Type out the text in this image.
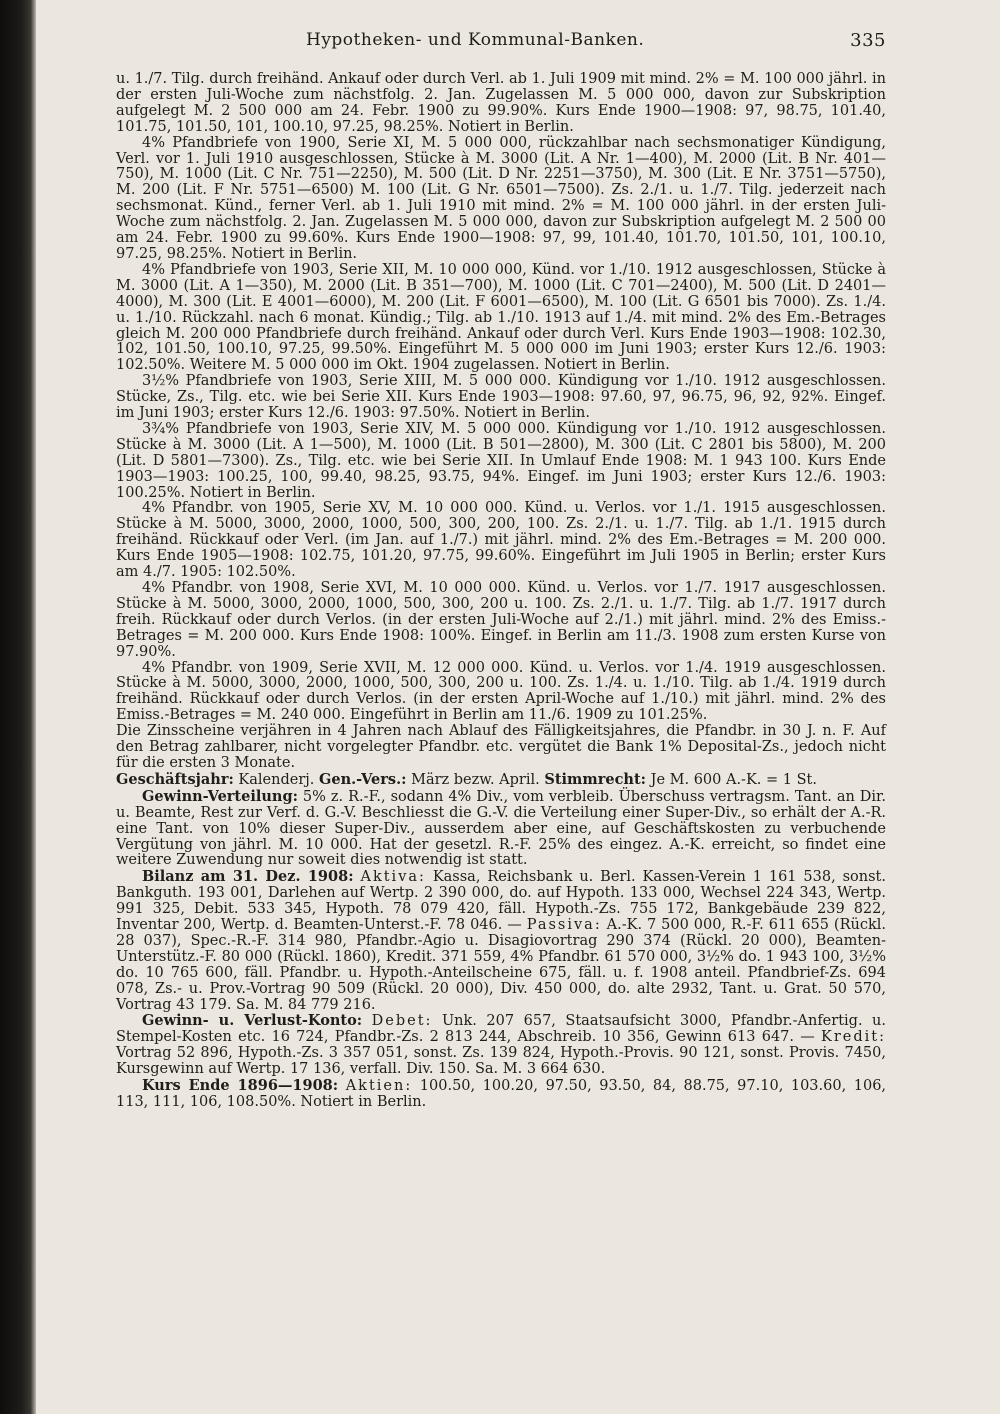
Hypotheken- und Kommunal-Banken.	335

u. 1./7. Tilg. durch freihänd. Ankauf oder durch Verl. ab 1. Juli 1909 mit mind. 2% = M. 100 000 jährl. in der ersten Juli-Woche zum nächstfolg. 2. Jan. Zugelassen M. 5 000 000, davon zur Subskription aufgelegt M. 2 500 000 am 24. Febr. 1900 zu 99.90%. Kurs Ende 1900—1908: 97, 98.75, 101.40, 101.75, 101.50, 101, 100.10, 97.25, 98.25%. Notiert in Berlin.

4% Pfandbriefe von 1900, Serie XI, M. 5 000 000, rückzahlbar nach sechsmonatiger Kündigung, Verl. vor 1. Juli 1910 ausgeschlossen, Stücke à M. 3000 (Lit. A Nr. 1—400), M. 2000 (Lit. B Nr. 401—750), M. 1000 (Lit. C Nr. 751—2250), M. 500 (Lit. D Nr. 2251—3750), M. 300 (Lit. E Nr. 3751—5750), M. 200 (Lit. F Nr. 5751—6500) M. 100 (Lit. G Nr. 6501—7500). Zs. 2./1. u. 1./7. Tilg. jederzeit nach sechsmonat. Künd., ferner Verl. ab 1. Juli 1910 mit mind. 2% = M. 100 000 jährl. in der ersten Juli-Woche zum nächstfolg. 2. Jan. Zugelassen M. 5 000 000, davon zur Subskription aufgelegt M. 2 500 00 am 24. Febr. 1900 zu 99.60%. Kurs Ende 1900—1908: 97, 99, 101.40, 101.70, 101.50, 101, 100.10, 97.25, 98.25%. Notiert in Berlin.

4% Pfandbriefe von 1903, Serie XII, M. 10 000 000, Künd. vor 1./10. 1912 ausgeschlossen, Stücke à M. 3000 (Lit. A 1—350), M. 2000 (Lit. B 351—700), M. 1000 (Lit. C 701—2400), M. 500 (Lit. D 2401—4000), M. 300 (Lit. E 4001—6000), M. 200 (Lit. F 6001—6500), M. 100 (Lit. G 6501 bis 7000). Zs. 1./4. u. 1./10. Rückzahl. nach 6 monat. Kündig.; Tilg. ab 1./10. 1913 auf 1./4. mit mind. 2% des Em.-Betrages gleich M. 200 000 Pfandbriefe durch freihänd. Ankauf oder durch Verl. Kurs Ende 1903—1908: 102.30, 102, 101.50, 100.10, 97.25, 99.50%. Eingeführt M. 5 000 000 im Juni 1903; erster Kurs 12./6. 1903: 102.50%. Weitere M. 5 000 000 im Okt. 1904 zugelassen. Notiert in Berlin.

3½% Pfandbriefe von 1903, Serie XIII, M. 5 000 000. Kündigung vor 1./10. 1912 ausgeschlossen. Stücke, Zs., Tilg. etc. wie bei Serie XII. Kurs Ende 1903—1908: 97.60, 97, 96.75, 96, 92, 92%. Eingef. im Juni 1903; erster Kurs 12./6. 1903: 97.50%. Notiert in Berlin.

3¾% Pfandbriefe von 1903, Serie XIV, M. 5 000 000. Kündigung vor 1./10. 1912 ausgeschlossen. Stücke à M. 3000 (Lit. A 1—500), M. 1000 (Lit. B 501—2800), M. 300 (Lit. C 2801 bis 5800), M. 200 (Lit. D 5801—7300). Zs., Tilg. etc. wie bei Serie XII. In Umlauf Ende 1908: M. 1 943 100. Kurs Ende 1903—1903: 100.25, 100, 99.40, 98.25, 93.75, 94%. Eingef. im Juni 1903; erster Kurs 12./6. 1903: 100.25%. Notiert in Berlin.

4% Pfandbr. von 1905, Serie XV, M. 10 000 000. Künd. u. Verlos. vor 1./1. 1915 ausgeschlossen. Stücke à M. 5000, 3000, 2000, 1000, 500, 300, 200, 100. Zs. 2./1. u. 1./7. Tilg. ab 1./1. 1915 durch freihänd. Rückkauf oder Verl. (im Jan. auf 1./7.) mit jährl. mind. 2% des Em.-Betrages = M. 200 000. Kurs Ende 1905—1908: 102.75, 101.20, 97.75, 99.60%. Eingeführt im Juli 1905 in Berlin; erster Kurs am 4./7. 1905: 102.50%.

4% Pfandbr. von 1908, Serie XVI, M. 10 000 000. Künd. u. Verlos. vor 1./7. 1917 ausgeschlossen. Stücke à M. 5000, 3000, 2000, 1000, 500, 300, 200 u. 100. Zs. 2./1. u. 1./7. Tilg. ab 1./7. 1917 durch freih. Rückkauf oder durch Verlos. (in der ersten Juli-Woche auf 2./1.) mit jährl. mind. 2% des Emiss.-Betrages = M. 200 000. Kurs Ende 1908: 100%. Eingef. in Berlin am 11./3. 1908 zum ersten Kurse von 97.90%.

4% Pfandbr. von 1909, Serie XVII, M. 12 000 000. Künd. u. Verlos. vor 1./4. 1919 ausgeschlossen. Stücke à M. 5000, 3000, 2000, 1000, 500, 300, 200 u. 100. Zs. 1./4. u. 1./10. Tilg. ab 1./4. 1919 durch freihänd. Rückkauf oder durch Verlos. (in der ersten April-Woche auf 1./10.) mit jährl. mind. 2% des Emiss.-Betrages = M. 240 000. Eingeführt in Berlin am 11./6. 1909 zu 101.25%.

Die Zinsscheine verjähren in 4 Jahren nach Ablauf des Fälligkeitsjahres, die Pfandbr. in 30 J. n. F. Auf den Betrag zahlbarer, nicht vorgelegter Pfandbr. etc. vergütet die Bank 1% Deposital-Zs., jedoch nicht für die ersten 3 Monate.

Geschäftsjahr: Kalenderj. Gen.-Vers.: März bezw. April. Stimmrecht: Je M. 600 A.-K. = 1 St.

Gewinn-Verteilung: 5% z. R.-F., sodann 4% Div., vom verbleib. Überschuss vertragsm. Tant. an Dir. u. Beamte, Rest zur Verf. d. G.-V. Beschliesst die G.-V. die Verteilung einer Super-Div., so erhält der A.-R. eine Tant. von 10% dieser Super-Div., ausserdem aber eine, auf Geschäftskosten zu verbuchende Vergütung von jährl. M. 10 000. Hat der gesetzl. R.-F. 25% des eingez. A.-K. erreicht, so findet eine weitere Zuwendung nur soweit dies notwendig ist statt.

Bilanz am 31. Dez. 1908: Aktiva: Kassa, Reichsbank u. Berl. Kassen-Verein 1 161 538, sonst. Bankguth. 193 001, Darlehen auf Wertp. 2 390 000, do. auf Hypoth. 133 000, Wechsel 224 343, Wertp. 991 325, Debit. 533 345, Hypoth. 78 079 420, fäll. Hypoth.-Zs. 755 172, Bankgebäude 239 822, Inventar 200, Wertp. d. Beamten-Unterst.-F. 78 046. — Passiva: A.-K. 7 500 000, R.-F. 611 655 (Rückl. 28 037), Spec.-R.-F. 314 980, Pfandbr.-Agio u. Disagiovortrag 290 374 (Rückl. 20 000), Beamten-Unterstütz.-F. 80 000 (Rückl. 1860), Kredit. 371 559, 4% Pfandbr. 61 570 000, 3½% do. 1 943 100, 3½% do. 10 765 600, fäll. Pfandbr. u. Hypoth.-Anteilscheine 675, fäll. u. f. 1908 anteil. Pfandbrief-Zs. 694 078, Zs.- u. Prov.-Vortrag 90 509 (Rückl. 20 000), Div. 450 000, do. alte 2932, Tant. u. Grat. 50 570, Vortrag 43 179. Sa. M. 84 779 216.

Gewinn- u. Verlust-Konto: Debet: Unk. 207 657, Staatsaufsicht 3000, Pfandbr.-Anfertig. u. Stempel-Kosten etc. 16 724, Pfandbr.-Zs. 2 813 244, Abschreib. 10 356, Gewinn 613 647. — Kredit: Vortrag 52 896, Hypoth.-Zs. 3 357 051, sonst. Zs. 139 824, Hypoth.-Provis. 90 121, sonst. Provis. 7450, Kursgewinn auf Wertp. 17 136, verfall. Div. 150. Sa. M. 3 664 630.

Kurs Ende 1896—1908: Aktien: 100.50, 100.20, 97.50, 93.50, 84, 88.75, 97.10, 103.60, 106, 113, 111, 106, 108.50%. Notiert in Berlin.
